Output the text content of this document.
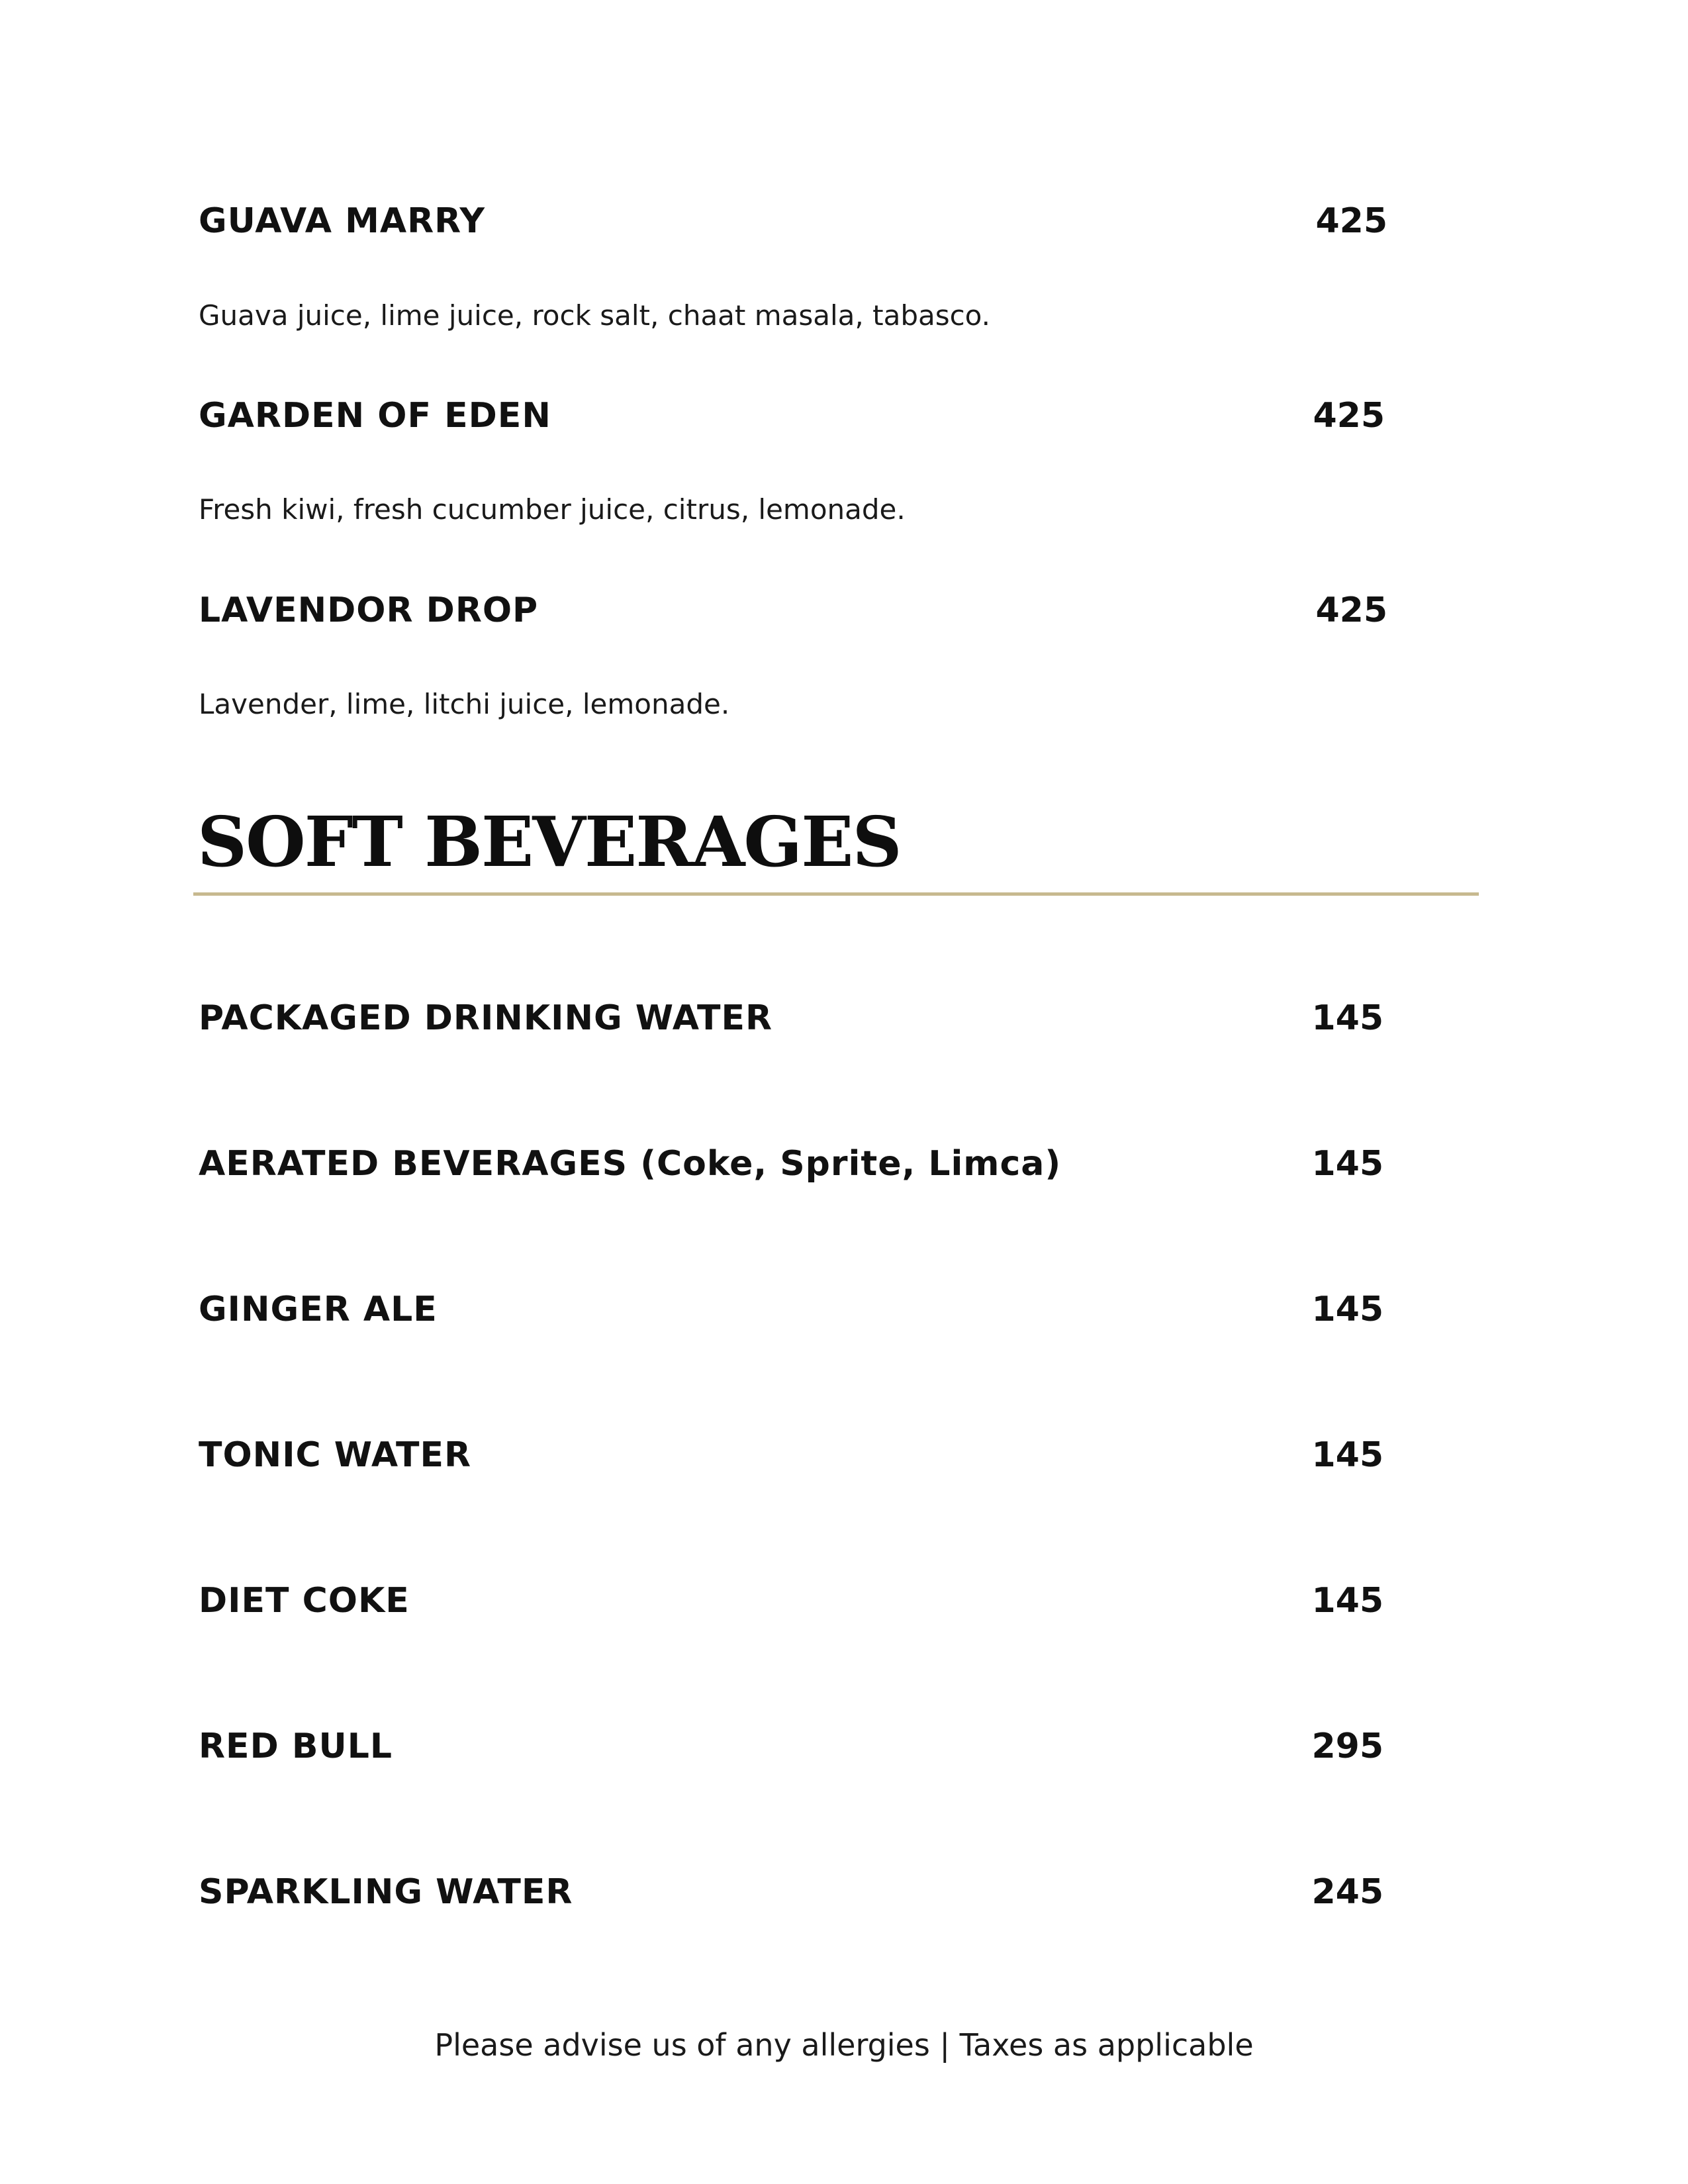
GUAVA MARRY	425
Guava juice, lime juice, rock salt, chaat masala, tabasco.
GARDEN OF EDEN	425
Fresh kiwi, fresh cucumber juice, citrus, lemonade.
LAVENDOR DROP	425
Lavender, lime, litchi juice, lemonade.
SOFT BEVERAGES
PACKAGED DRINKING WATER	145
AERATED BEVERAGES (Coke, Sprite, Limca)	145
GINGER ALE	145
TONIC WATER	145
DIET COKE	145
RED BULL	295
SPARKLING WATER	245
Please advise us of any allergies | Taxes as applicable
